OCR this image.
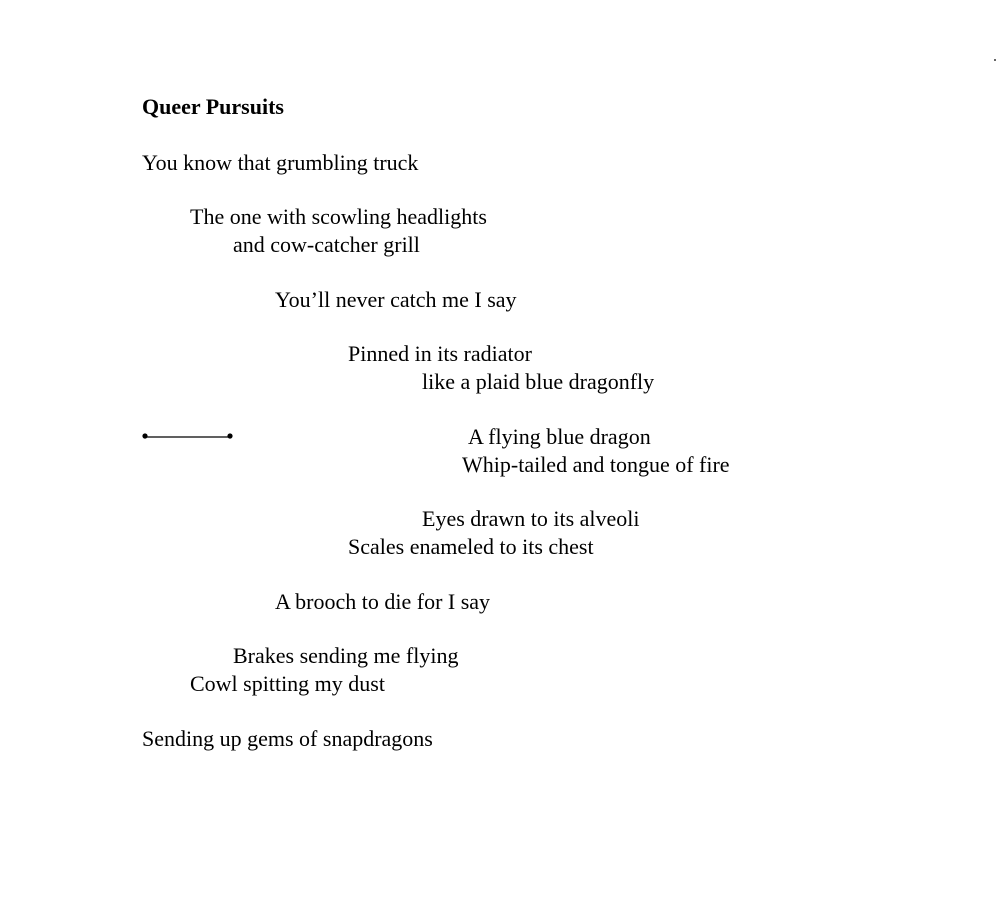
Queer Pursuits
You know that grumbling truck
The one with scowling headlights
and cow-catcher grill
You’ll never catch me I say
Pinned in its radiator
like a plaid blue dragonfly
A flying blue dragon
Whip-tailed and tongue of fire
Eyes drawn to its alveoli
Scales enameled to its chest
A brooch to die for I say
Brakes sending me flying
Cowl spitting my dust
Sending up gems of snapdragons
